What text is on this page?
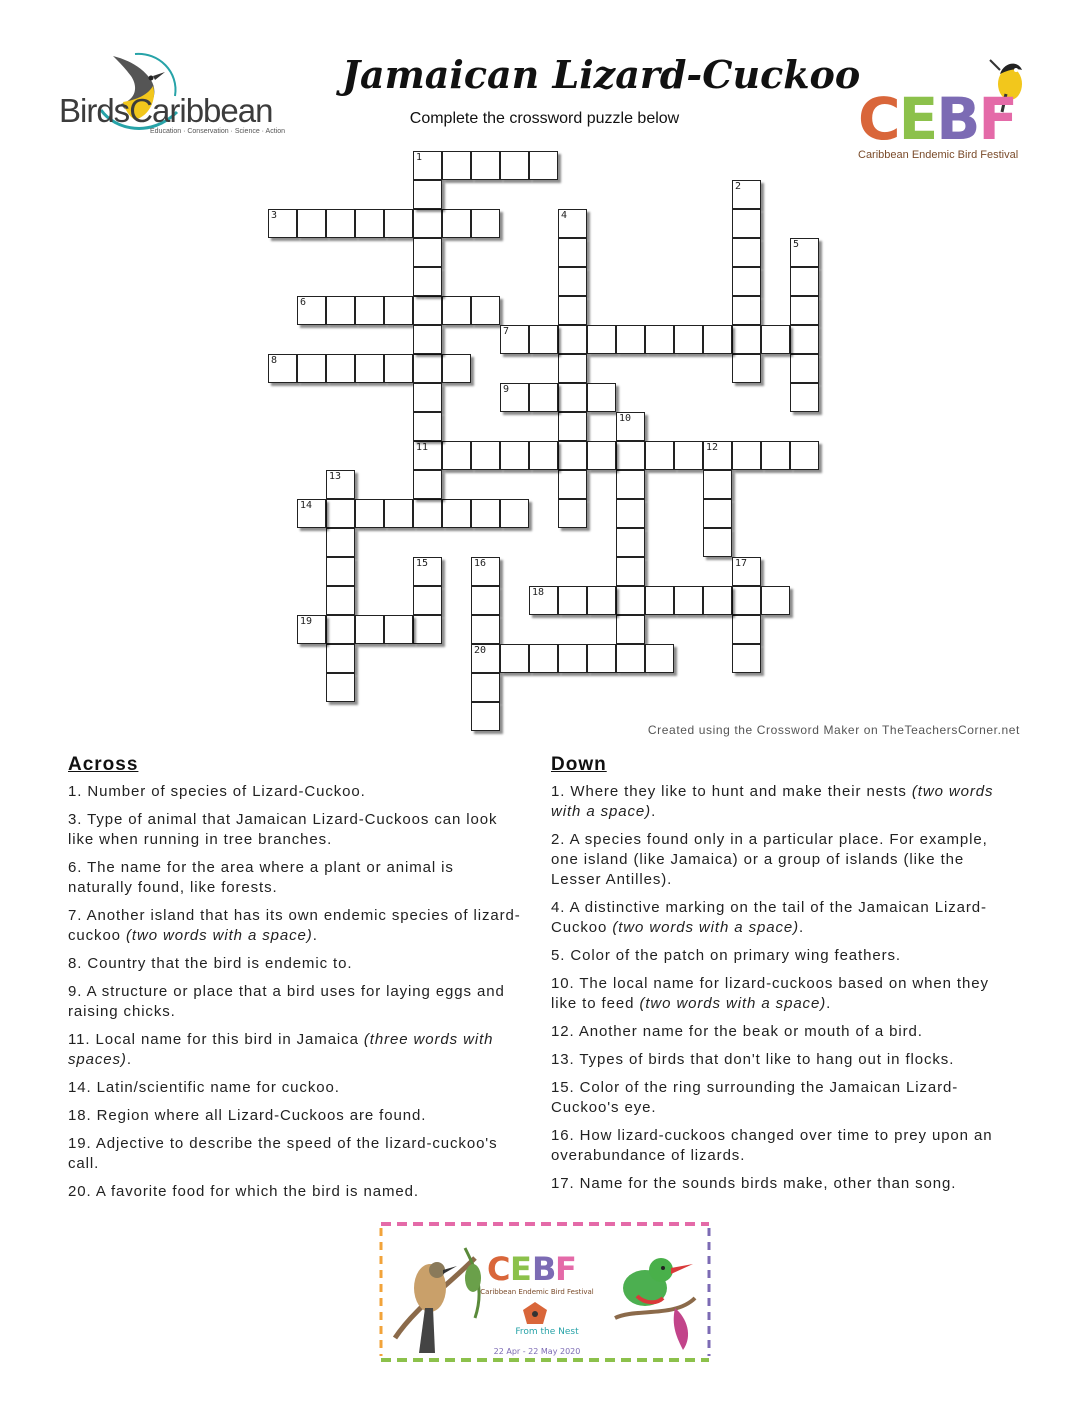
BirdsCaribbean
Education · Conservation · Science · Action
Jamaican Lizard-Cuckoo
Complete the crossword puzzle below	CEBF
Caribbean Endemic Bird Festival
1
2
3	4
5
6
7
8
9
10
11	12
13
14
15	16
20
17
18
19
Created using the Crossword Maker on TheTeachersCorner.net
Across
1. Number of species of Lizard-Cuckoo.
3. Type of animal that Jamaican Lizard-Cuckoos can look like when running in tree branches.
6. The name for the area where a plant or animal is naturally found, like forests.
7. Another island that has its own endemic species of lizard-cuckoo (two words with a space).
8. Country that the bird is endemic to.
9. A structure or place that a bird uses for laying eggs and raising chicks.
11. Local name for this bird in Jamaica (three words with spaces).
14. Latin/scientific name for cuckoo.
18. Region where all Lizard-Cuckoos are found.
19. Adjective to describe the speed of the lizard-cuckoo's call.
20. A favorite food for which the bird is named.
Down
1. Where they like to hunt and make their nests (two words with a space).
2. A species found only in a particular place. For example, one island (like Jamaica) or a group of islands (like the Lesser Antilles).
4. A distinctive marking on the tail of the Jamaican Lizard-Cuckoo (two words with a space).
5. Color of the patch on primary wing feathers.
10. The local name for lizard-cuckoos based on when they like to feed (two words with a space).
12. Another name for the beak or mouth of a bird.
13. Types of birds that don't like to hang out in flocks.
15. Color of the ring surrounding the Jamaican Lizard-Cuckoo's eye.
16. How lizard-cuckoos changed over time to prey upon an overabundance of lizards.
17. Name for the sounds birds make, other than song.
C E B
F
Caribbean Endemic Bird Festival
From the Nest
22 Apr - 22 May 2020
